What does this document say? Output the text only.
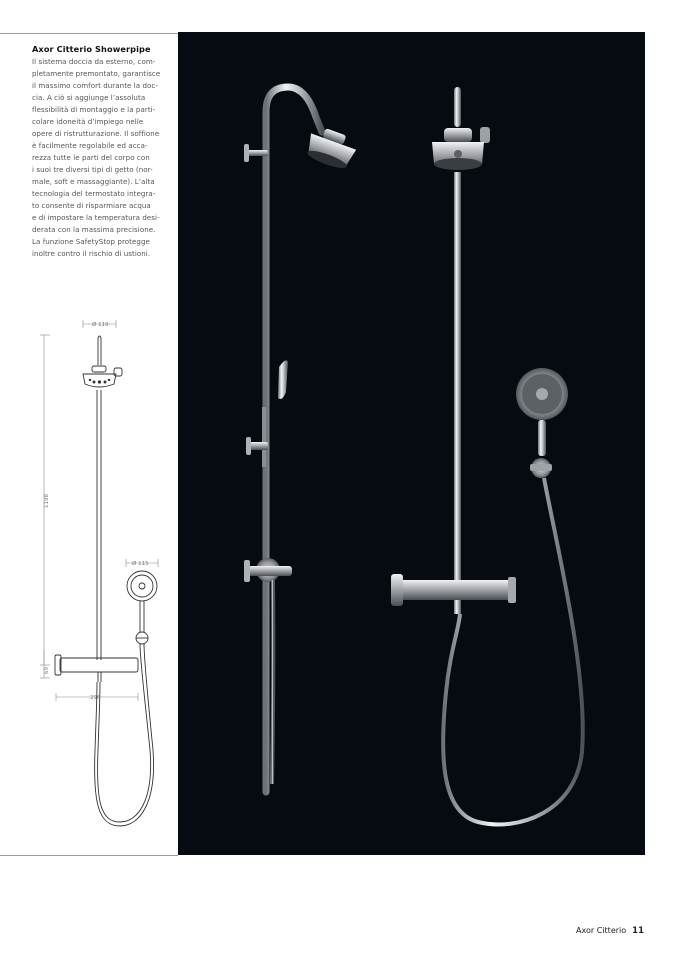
Axor Citterio Showerpipe

Il sistema doccia da esterno, com-
pletamente premontato, garantisce
il massimo comfort durante la doc-
cia. A ciò si aggiunge l’assoluta
flessibilità di montaggio e la parti-
colare idoneità d’impiego nelle
opere di ristrutturazione. Il soffione
è facilmente regolabile ed acca-
rezza tutte le parti del corpo con
i suoi tre diversi tipi di getto (nor-
male, soft e massaggiante). L’alta
tecnologia del termostato integra-
to consente di risparmiare acqua
e di impostare la temperatura desi-
derata con la massima precisione.
La funzione SafetyStop protegge
inoltre contro il rischio di ustioni.
Ø 119
Ø 115
296
1198
69
Axor Citterio 11
